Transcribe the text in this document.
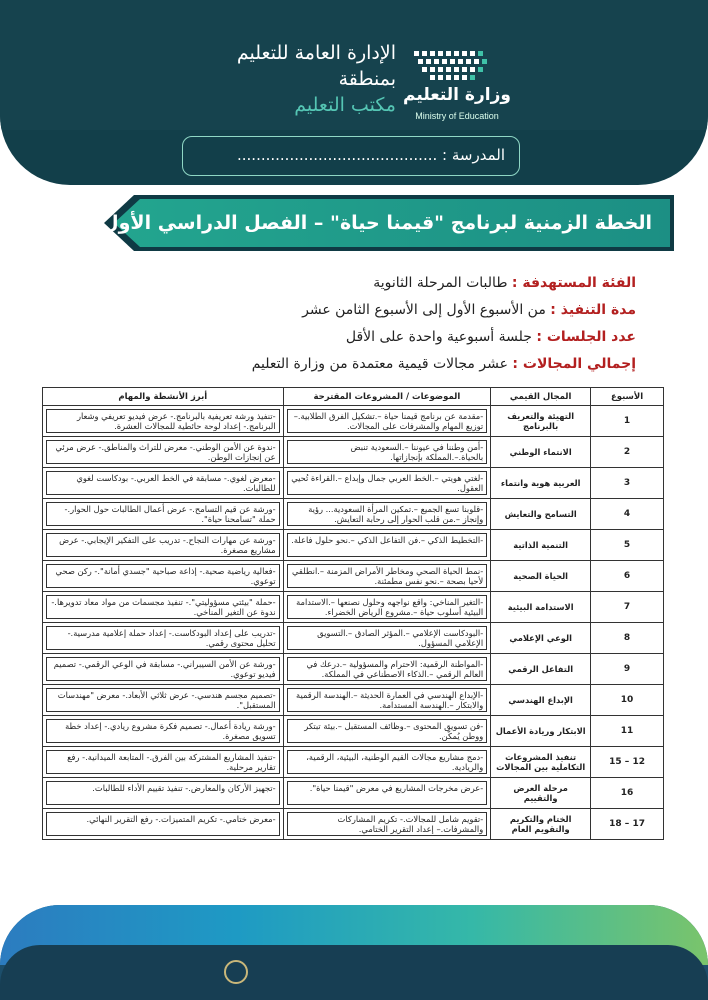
وزارة التعليم
Ministry of Education
الإدارة العامة للتعليم
بمنطقة
مكتب التعليم
المدرسة : ..........................................
الخطة الزمنية لبرنامج "قيمنا حياة" – الفصل الدراسي الأول
الفئة المستهدفة : طالبات المرحلة الثانوية
مدة التنفيذ : من الأسبوع الأول إلى الأسبوع الثامن عشر
عدد الجلسات : جلسة أسبوعية واحدة على الأقل
إجمالي المجالات : عشر مجالات قيمية معتمدة من وزارة التعليم
الأسبوع	المجال القيمي	الموضوعات / المشروعات المقترحة	أبرز الأنشطة والمهام
1	التهيئة والتعريف بالبرنامج	-مقدمة عن برنامج قيمنا حياة –.تشكيل الفرق الطلابية.– توزيع المهام والمشرفات على المجالات.	-تنفيذ ورشة تعريفية بالبرنامج.- عرض فيديو تعريفي وشعار البرنامج.- إعداد لوحة حائطية للمجالات العشرة.

2	الانتماء الوطني	-أمن وطننا في عيوننا –.السعودية تنبض بالحياة.–.المملكة بإنجازاتها.	-ندوة عن الأمن الوطني.- معرض للتراث والمناطق.- عرض مرئي عن إنجازات الوطن.

3	العربية هوية وانتماء	-لغتي هويتي –.الخط العربي جمال وإبداع –.القراءة تُحيي العقول.	-معرض لغوي.- مسابقة في الخط العربي.- بودكاست لغوي للطالبات.

4	التسامح والتعايش	-قلوبنا تسع الجميع –.تمكين المرأة السعودية... رؤية وإنجاز –.من قلب الحوار إلى رحابة التعايش.	-ورشة عن قيم التسامح.- عرض أعمال الطالبات حول الحوار.- حملة "تسامحنا حياة".

5	التنمية الذاتية	-التخطيط الذكي –.فن التفاعل الذكي –.نحو حلول فاعلة.	-ورشة عن مهارات النجاح.- تدريب على التفكير الإيجابي.- عرض مشاريع مصغرة.

6	الحياة الصحية	-نمط الحياة الصحي ومخاطر الأمراض المزمنة –.انطلقي لأحيا بصحة –.نحو نفس مطمئنة.	-فعالية رياضية صحية.- إذاعة صباحية "جسدي أمانة".- ركن صحي توعوي.

7	الاستدامة البيئية	-التغير المناخي: واقع نواجهه وحلول نصنعها –.الاستدامة البيئية أسلوب حياة –.مشروع الرياض الخضراء.	-حملة "بيئتي مسؤوليتي".- تنفيذ مجسمات من مواد معاد تدويرها.- ندوة عن التغير المناخي.

8	الوعي الإعلامي	-البودكاست الإعلامي –.المؤثر الصادق –.التسويق الإعلامي المسؤول.	-تدريب على إعداد البودكاست.- إعداد حملة إعلامية مدرسية.- تحليل محتوى رقمي.

9	التفاعل الرقمي	-المواطنة الرقمية: الاحترام والمسؤولية –.درعك في العالم الرقمي –.الذكاء الاصطناعي في المملكة.	-ورشة عن الأمن السيبراني.- مسابقة في الوعي الرقمي.- تصميم فيديو توعوي.

10	الإبداع الهندسي	-الإبداع الهندسي في العمارة الحديثة –.الهندسة الرقمية والابتكار –.الهندسة المستدامة.	-تصميم مجسم هندسي.- عرض ثلاثي الأبعاد.- معرض "مهندسات المستقبل".

11	الابتكار وريادة الأعمال	-فن تسويق المحتوى –.وظائف المستقبل –.بيئة تبتكر ووطن يُمكّن.	-ورشة ريادة أعمال.- تصميم فكرة مشروع ريادي.- إعداد خطة تسويق مصغرة.

12 – 15	تنفيذ المشروعات التكاملية بين المجالات	-دمج مشاريع مجالات القيم الوطنية، البيئية، الرقمية، والريادية.	-تنفيذ المشاريع المشتركة بين الفرق.- المتابعة الميدانية.- رفع تقارير مرحلية.

16	مرحلة العرض والتقييم	-عرض مخرجات المشاريع في معرض "قيمنا حياة".	-تجهيز الأركان والمعارض.- تنفيذ تقييم الأداء للطالبات.

17 – 18	الختام والتكريم والتقويم العام	-تقويم شامل للمجالات.- تكريم المشاركات والمشرفات.– إعداد التقرير الختامي.	-معرض ختامي.- تكريم المتميزات.- رفع التقرير النهائي.
